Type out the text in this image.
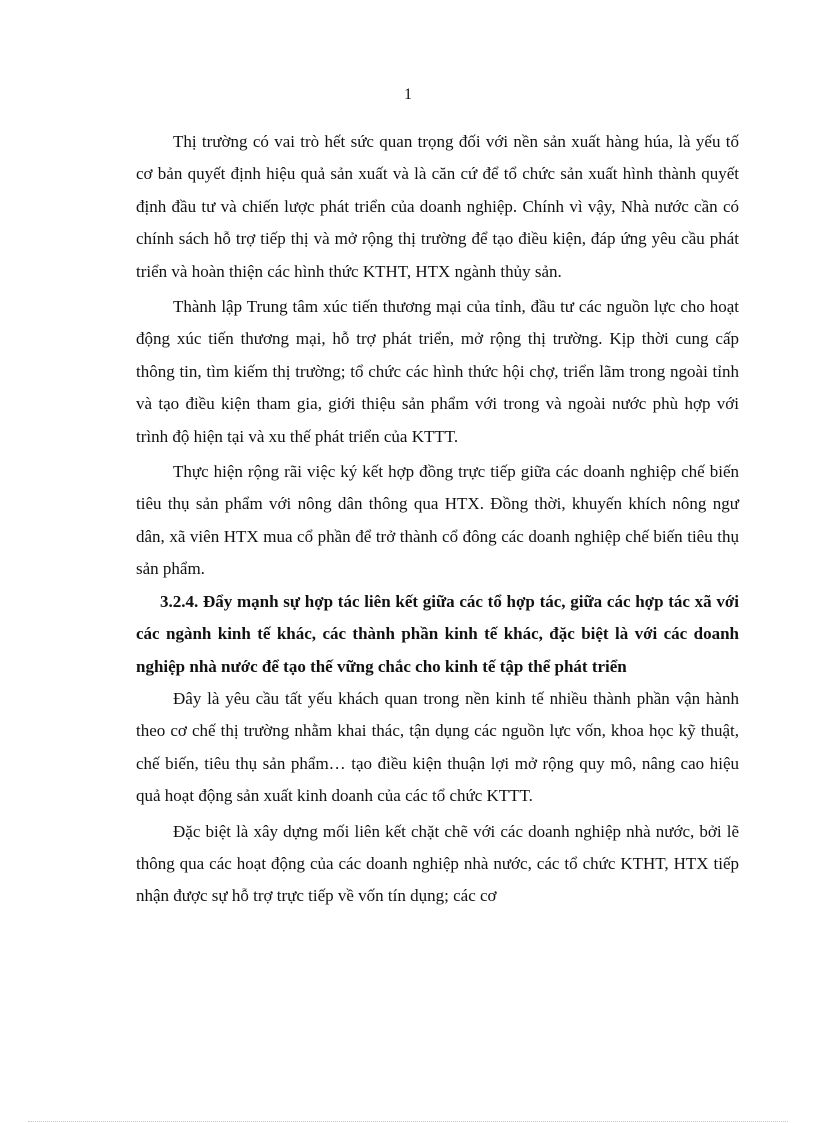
1

Thị trường có vai trò hết sức quan trọng đối với nền sản xuất hàng húa, là yếu tố cơ bản quyết định hiệu quả sản xuất và là căn cứ để tổ chức sản xuất hình thành quyết định đầu tư và chiến lược phát triển của doanh nghiệp. Chính vì vậy, Nhà nước cần có chính sách hỗ trợ tiếp thị và mở rộng thị trường để tạo điều kiện, đáp ứng yêu cầu phát triển và hoàn thiện các hình thức KTHT, HTX ngành thủy sản.

Thành lập Trung tâm xúc tiến thương mại của tỉnh, đầu tư các nguồn lực cho hoạt động xúc tiến thương mại, hỗ trợ phát triển, mở rộng thị trường. Kịp thời cung cấp thông tin, tìm kiếm thị trường; tổ chức các hình thức hội chợ, triển lãm trong ngoài tỉnh và tạo điều kiện tham gia, giới thiệu sản phẩm với trong và ngoài nước phù hợp với trình độ hiện tại và xu thế phát triển của KTTT.

Thực hiện rộng rãi việc ký kết hợp đồng trực tiếp giữa các doanh nghiệp chế biến tiêu thụ sản phẩm với nông dân thông qua HTX. Đồng thời, khuyến khích nông ngư dân, xã viên HTX mua cổ phần để trở thành cổ đông các doanh nghiệp chế biến tiêu thụ sản phẩm.

3.2.4. Đẩy mạnh sự hợp tác liên kết giữa các tổ hợp tác, giữa các hợp tác xã với các ngành kinh tế khác, các thành phần kinh tế khác, đặc biệt là với các doanh nghiệp nhà nước để tạo thế vững chắc cho kinh tế tập thể phát triển

Đây là yêu cầu tất yếu khách quan trong nền kinh tế nhiều thành phần vận hành theo cơ chế thị trường nhằm khai thác, tận dụng các nguồn lực vốn, khoa học kỹ thuật, chế biến, tiêu thụ sản phẩm… tạo điều kiện thuận lợi mở rộng quy mô, nâng cao hiệu quả hoạt động sản xuất kinh doanh của các tổ chức KTTT.

Đặc biệt là xây dựng mối liên kết chặt chẽ với các doanh nghiệp nhà nước, bởi lẽ thông qua các hoạt động của các doanh nghiệp nhà nước, các tổ chức KTHT, HTX tiếp nhận được sự hỗ trợ trực tiếp về vốn tín dụng; các cơ
